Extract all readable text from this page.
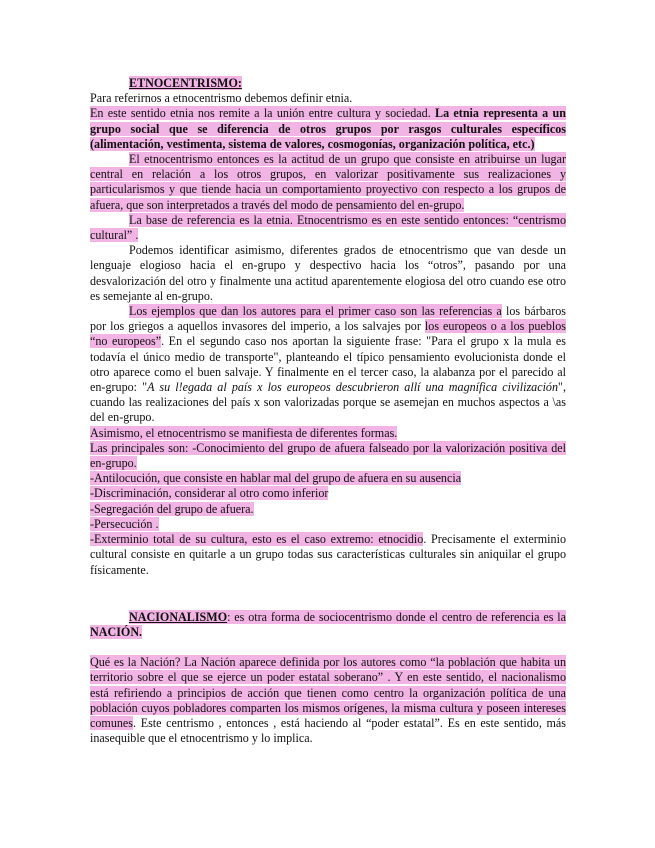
ETNOCENTRISMO:

Para referirnos a etnocentrismo debemos definir etnia.

En este sentido etnia nos remite a la unión entre cultura y sociedad. La etnia representa a un grupo social que se diferencia de otros grupos por rasgos culturales específicos (alimentación, vestimenta, sistema de valores, cosmogonías, organización política, etc.)

El etnocentrismo entonces es la actitud de un grupo que consiste en atribuirse un lugar central en relación a los otros grupos, en valorizar positivamente sus realizaciones y particularismos y que tiende hacia un comportamiento proyectivo con respecto a los grupos de afuera, que son interpretados a través del modo de pensamiento del en-grupo.

La base de referencia es la etnia. Etnocentrismo es en este sentido entonces: “centrismo cultural” .

Podemos identificar asimismo, diferentes grados de etnocentrismo que van desde un lenguaje elogioso hacia el en-grupo y despectivo hacia los “otros”, pasando por una desvalorización del otro y finalmente una actitud aparentemente elogiosa del otro cuando ese otro es semejante al en-grupo.

Los ejemplos que dan los autores para el primer caso son las referencias a los bárbaros por los griegos a aquellos invasores del imperio, a los salvajes por los europeos o a los pueblos “no europeos”. En el segundo caso nos aportan la siguiente frase: "Para el grupo x la mula es todavía el único medio de transporte", planteando el típico pensamiento evolucionista donde el otro aparece como el buen salvaje. Y finalmente en el tercer caso, la alabanza por el parecido al en-grupo: "A su l!egada al país x los europeos descubrieron allí una magnífica civilización", cuando las realizaciones del país x son valorizadas porque se asemejan en muchos aspectos a \as del en-grupo.

Asimismo, el etnocentrismo se manifiesta de diferentes formas.

Las principales son: -Conocimiento del grupo de afuera falseado por la valorización positiva del en-grupo.

-Antilocución, que consiste en hablar mal del grupo de afuera en su ausencia

-Discriminación, considerar al otro como inferior

-Segregación del grupo de afuera.

-Persecución .

-Exterminio total de su cultura, esto es el caso extremo: etnocidio. Precisamente el exterminio cultural consiste en quitarle a un grupo todas sus características culturales sin aniquilar el grupo físicamente.

NACIONALISMO: es otra forma de sociocentrismo donde el centro de referencia es la NACIÓN.

Qué es la Nación? La Nación aparece definida por los autores como “la población que habita un territorio sobre el que se ejerce un poder estatal soberano” . Y en este sentido, el nacionalismo está refiriendo a principios de acción que tienen como centro la organización política de una población cuyos pobladores comparten los mismos orígenes, la misma cultura y poseen intereses comunes. Este centrismo , entonces , está haciendo al “poder estatal”. Es en este sentido, más inasequible que el etnocentrismo y lo implica.
